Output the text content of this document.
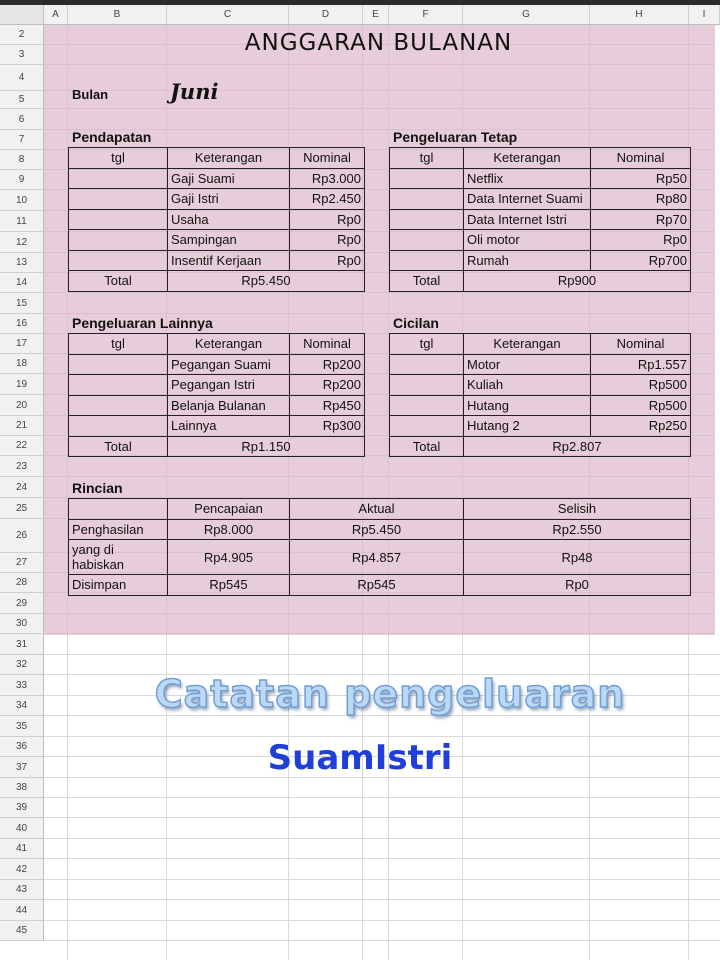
A	B	C	D	E	F	G	H	I
2
3
4
5
6
7
8
9
10
11
12
13
14
15
16
17
18
19
20
21
22
23
24
25
26
27
28
29
30
31
32
33
34
35
36
37
38
39
40
41
42
43
44
45
ANGGARAN BULANAN
Bulan	Juni
Pendapatan	Pengeluaran Tetap
Pengeluaran Lainnya	Cicilan
Rincian
tgl	Keterangan	Nominal
	Gaji Suami	Rp3.000
	Gaji Istri	Rp2.450
	Usaha	Rp0
	Sampingan	Rp0
	Insentif Kerjaan	Rp0
Total	Rp5.450	
tgl	Keterangan	Nominal
	Netflix	Rp50
	Data Internet Suami	Rp80
	Data Internet Istri	Rp70
	Oli motor	Rp0
	Rumah	Rp700
Total	Rp900	
tgl	Keterangan	Nominal
	Pegangan Suami	Rp200
	Pegangan Istri	Rp200
	Belanja Bulanan	Rp450
	Lainnya	Rp300
Total	Rp1.150	
tgl	Keterangan	Nominal
	Motor	Rp1.557
	Kuliah	Rp500
	Hutang	Rp500
	Hutang 2	Rp250
Total	Rp2.807	
	Pencapaian	Aktual	Selisih
Penghasilan	Rp8.000	Rp5.450	Rp2.550
yang di habiskan	Rp4.905	Rp4.857	Rp48
Disimpan	Rp545	Rp545	Rp0
Catatan pengeluaran
SuamIstri
